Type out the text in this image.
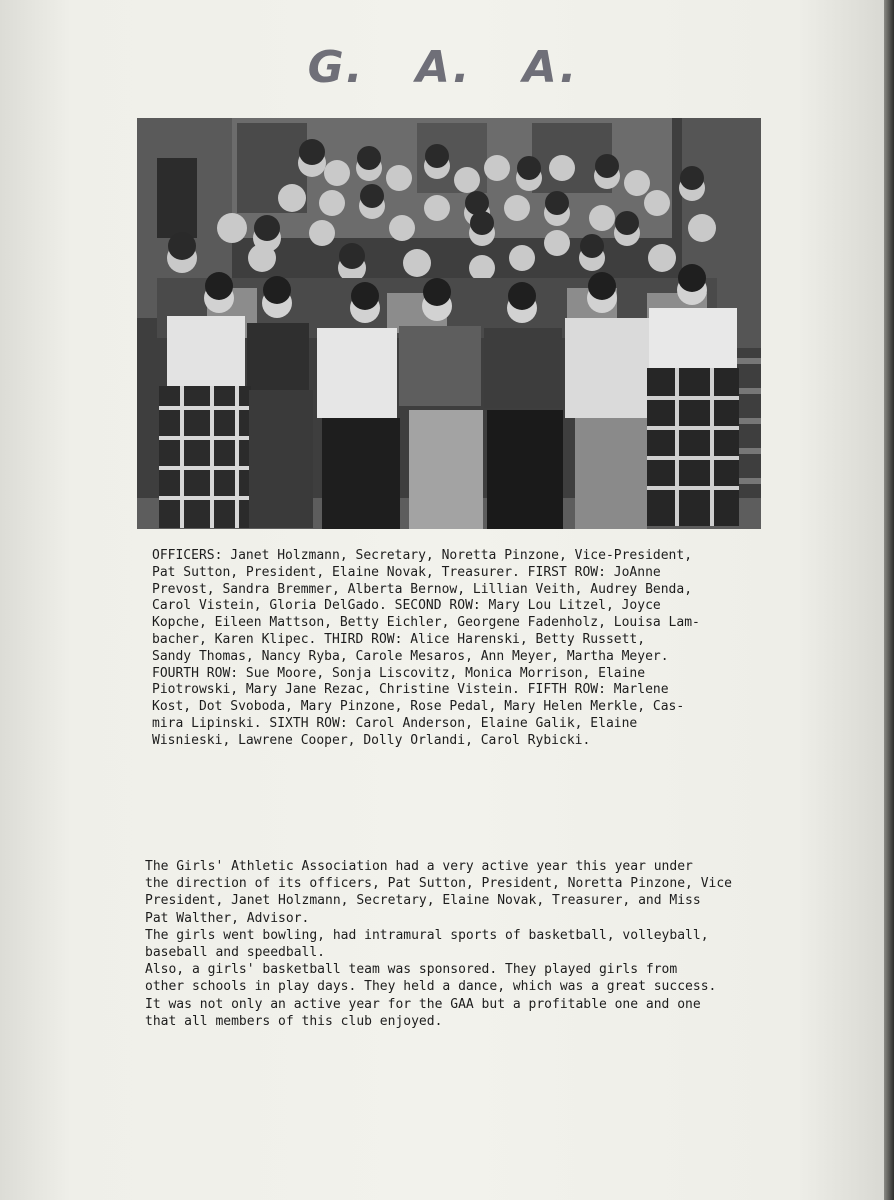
G. A. A.
OFFICERS: Janet Holzmann, Secretary, Noretta Pinzone, Vice-President,
Pat Sutton, President, Elaine Novak, Treasurer. FIRST ROW: JoAnne
Prevost, Sandra Bremmer, Alberta Bernow, Lillian Veith, Audrey Benda,
Carol Vistein, Gloria DelGado. SECOND ROW: Mary Lou Litzel, Joyce
Kopche, Eileen Mattson, Betty Eichler, Georgene Fadenholz, Louisa Lam-
bacher, Karen Klipec. THIRD ROW: Alice Harenski, Betty Russett,
Sandy Thomas, Nancy Ryba, Carole Mesaros, Ann Meyer, Martha Meyer.
FOURTH ROW: Sue Moore, Sonja Liscovitz, Monica Morrison, Elaine
Piotrowski, Mary Jane Rezac, Christine Vistein. FIFTH ROW: Marlene
Kost, Dot Svoboda, Mary Pinzone, Rose Pedal, Mary Helen Merkle, Cas-
mira Lipinski. SIXTH ROW: Carol Anderson, Elaine Galik, Elaine
Wisnieski, Lawrene Cooper, Dolly Orlandi, Carol Rybicki.
The Girls' Athletic Association had a very active year this year under
the direction of its officers, Pat Sutton, President, Noretta Pinzone, Vice
President, Janet Holzmann, Secretary, Elaine Novak, Treasurer, and Miss
Pat Walther, Advisor.
The girls went bowling, had intramural sports of basketball, volleyball,
baseball and speedball.
Also, a girls' basketball team was sponsored. They played girls from
other schools in play days. They held a dance, which was a great success.
It was not only an active year for the GAA but a profitable one and one
that all members of this club enjoyed.
